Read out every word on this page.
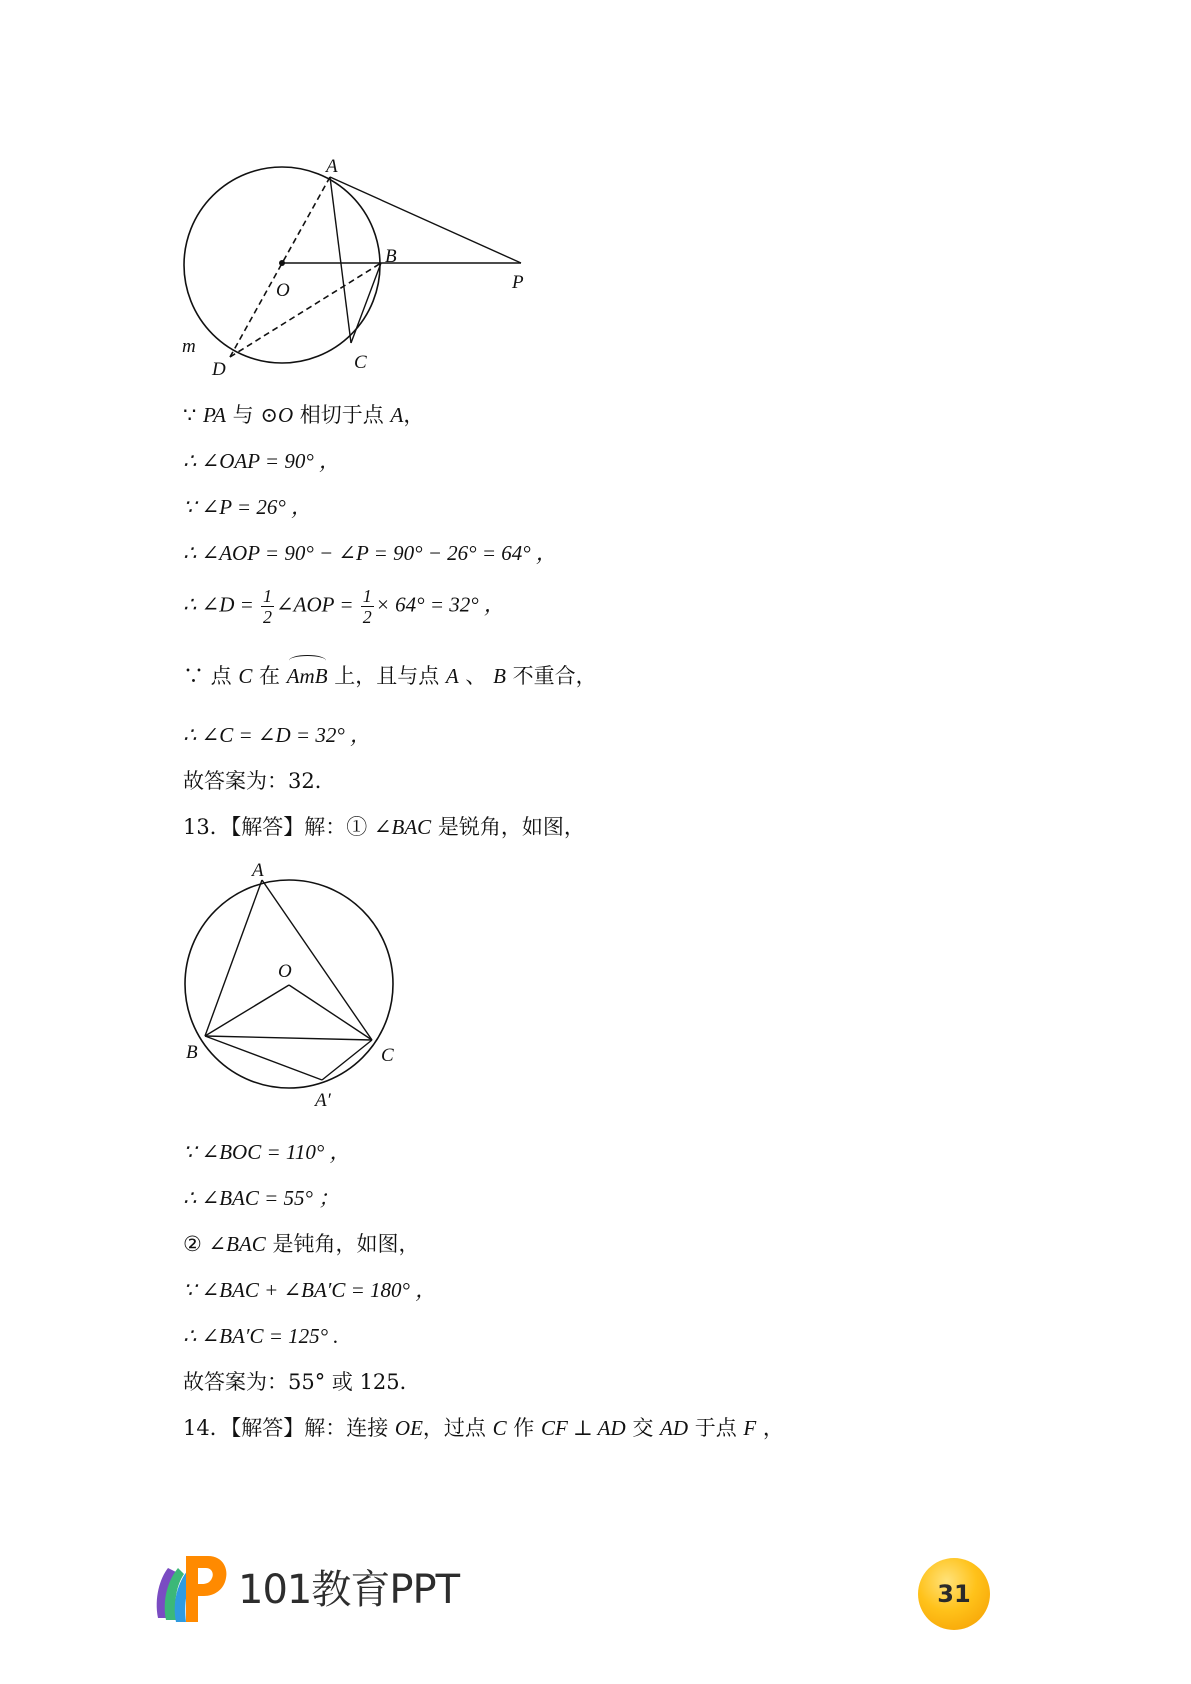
A
B
O	P
C
D
m
∵ PA 与 ⊙O 相切于点 A，
∴ ∠OAP = 90° ，
∵ ∠P = 26° ，
∴ ∠AOP = 90° − ∠P = 90° − 26° = 64° ，
∴ ∠D = $\frac{1}{2}$ ∠AOP = $\frac{1}{2} \times 64^\circ = 32^\circ$ ，
∵ 点 C 在 AmB 上，且与点 A 、 B 不重合，
∴ ∠C = ∠D = 32° ，
故答案为：32．
13．【解答】解：① ∠BAC 是锐角，如图，
A
O
B	C
A′
∵ ∠BOC = 110° ，
∴ ∠BAC = 55° ；
② ∠BAC 是钝角，如图，
∵ ∠BAC + ∠BA′C = 180° ，
∴ ∠BA′C = 125° .
故答案为：55° 或 125．
14．【解答】解：连接 OE，过点 C 作 CF ⊥ AD 交 AD 于点 F ，
101教育PPT	31
